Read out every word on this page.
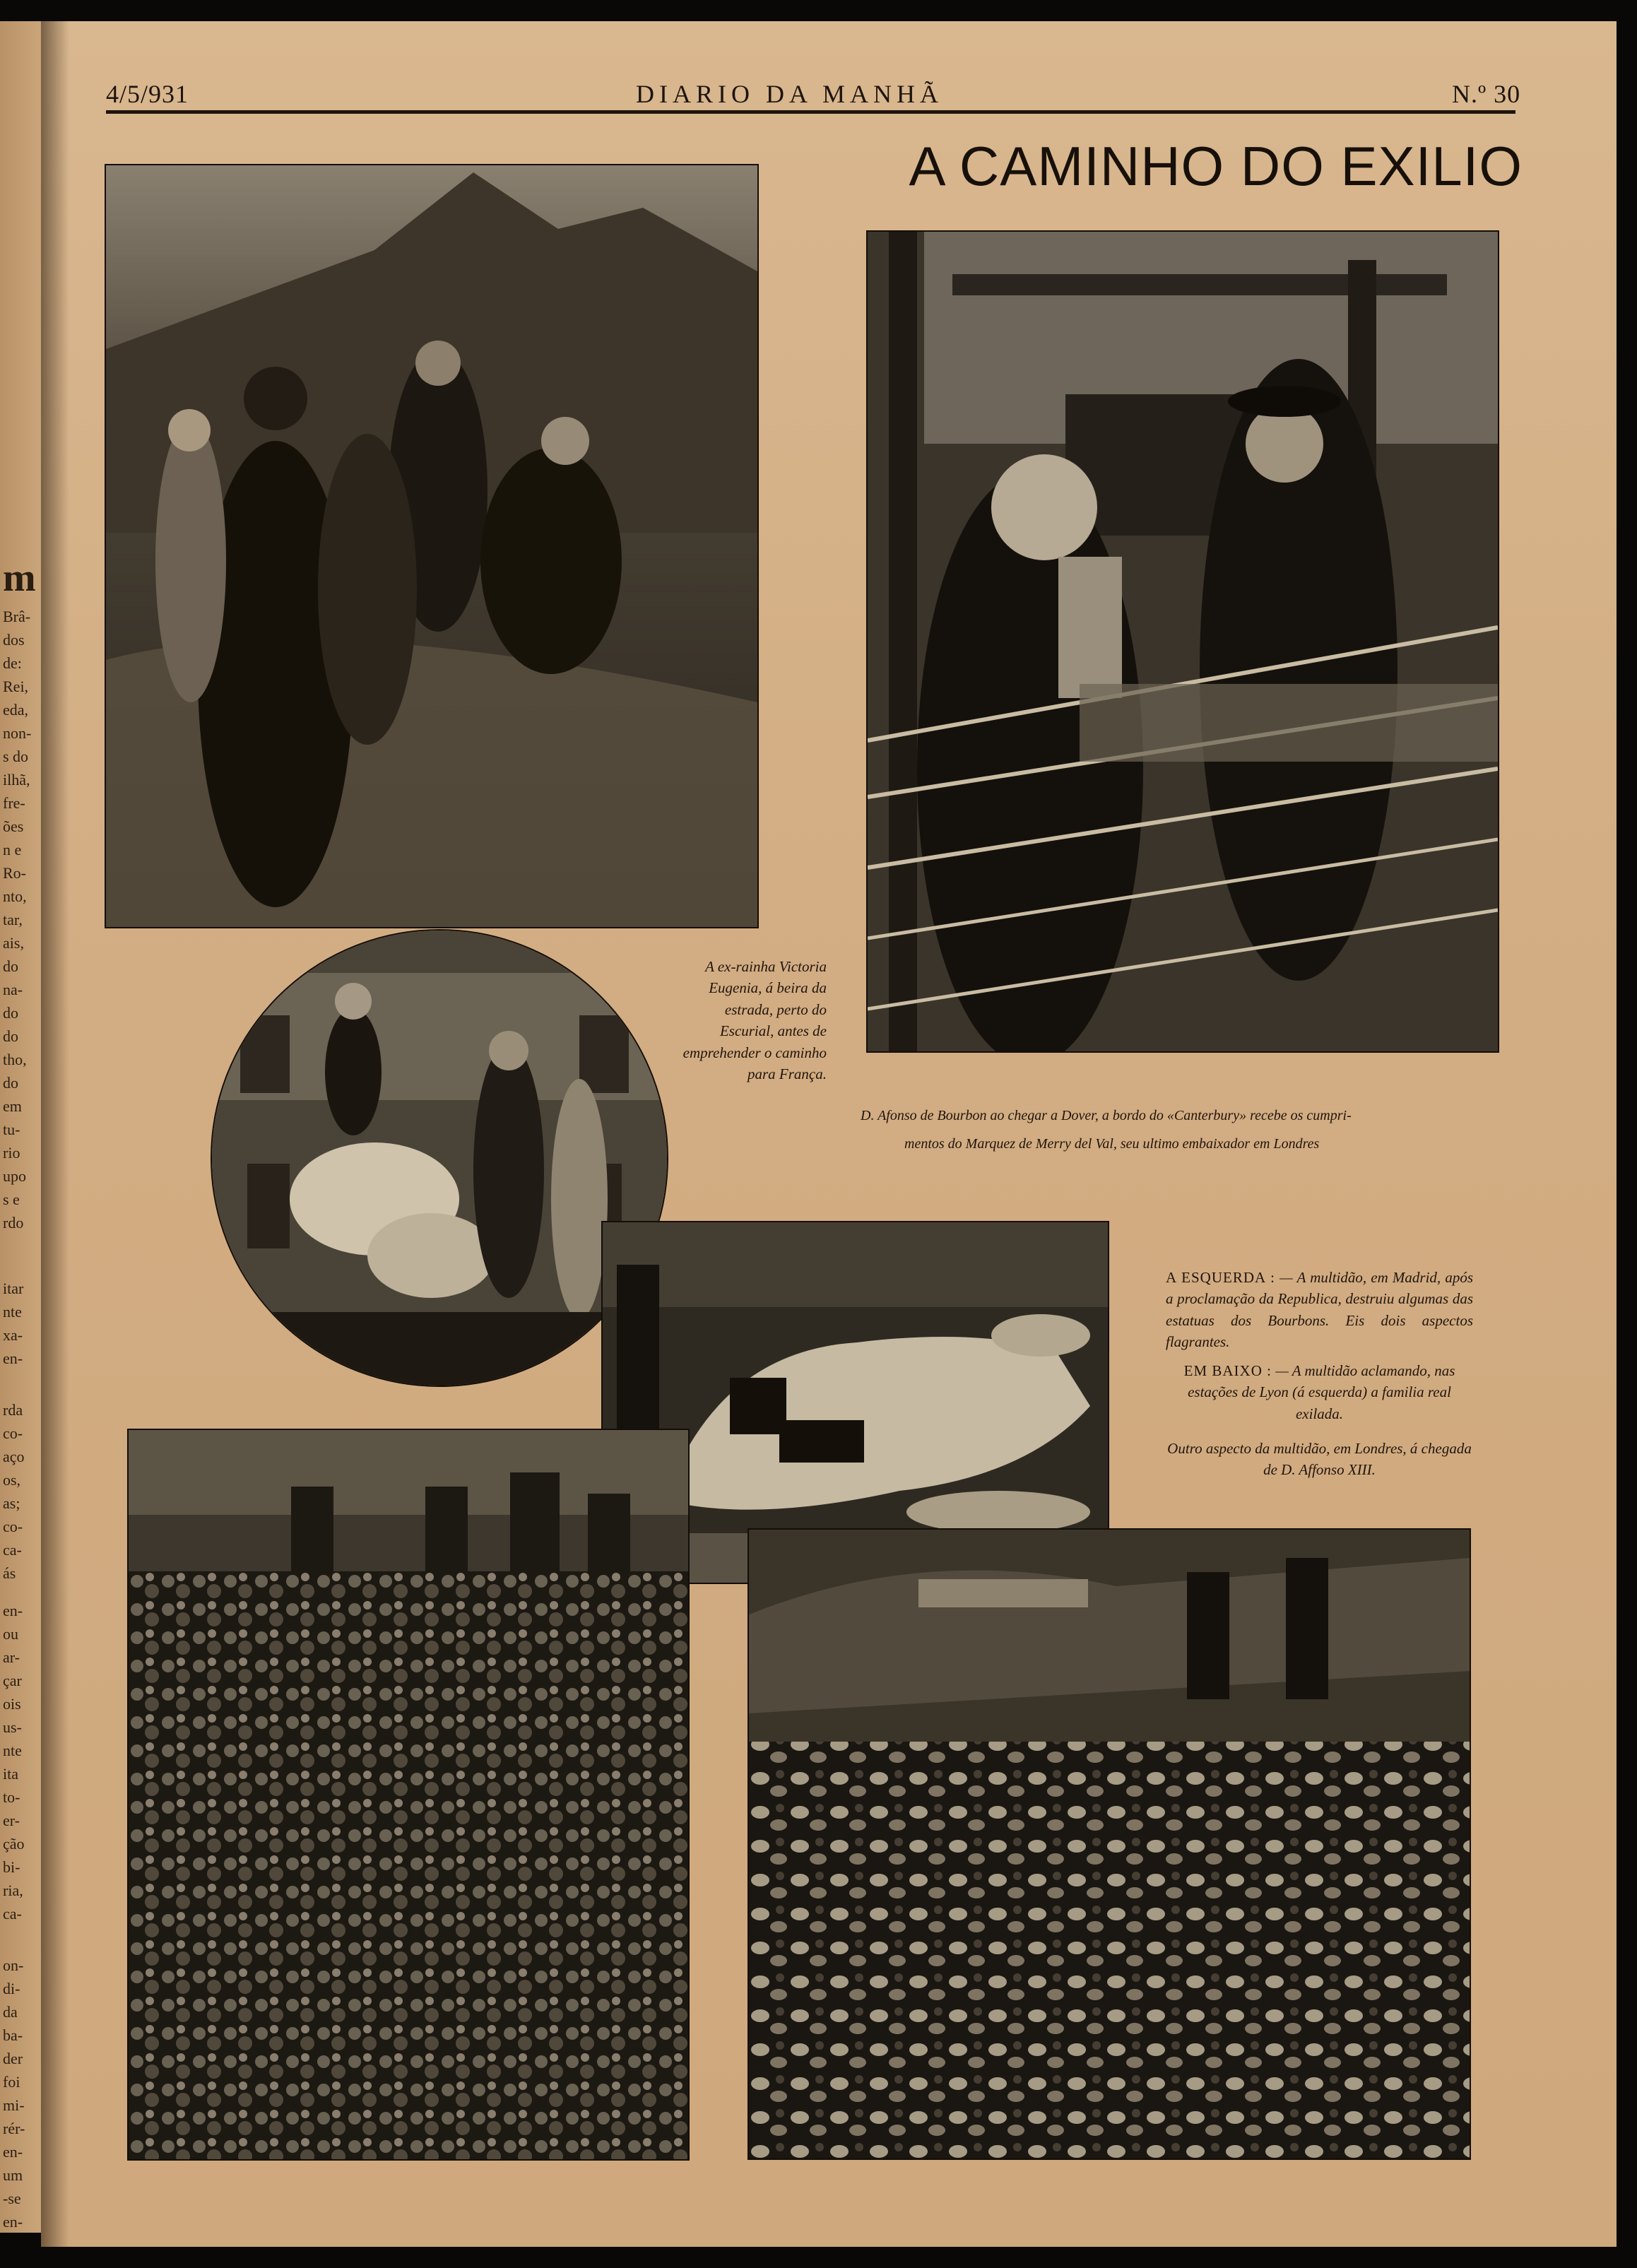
4/5/931	DIARIO DA MANHÃ	N.º 30
A CAMINHO DO EXILIO
A ex-rainha Victoria Eugenia, á beira da estrada, perto do Escurial, antes de emprehender o caminho para França.
D. Afonso de Bourbon ao chegar a Dover, a bordo do «Canterbury» recebe os cumpri-
mentos do Marquez de Merry del Val, seu ultimo embaixador em Londres
A ESQUERDA : — A multidão, em Madrid, após a proclamação da Republica, destruiu algumas das estatuas dos Bourbons. Eis dois aspectos flagrantes.
EM BAIXO : — A multidão aclamando, nas estações de Lyon (á esquerda) a familia real exilada.
Outro aspecto da multidão, em Londres, á chegada de D. Affonso XIII.
m
Brâ-
dos
de:
Rei,
eda,
non-
s do
ilhã,
fre-
ões
n e
Ro-
nto,
tar,
ais,
do
na-
do
do
tho,
do
em
tu-
rio
upo
s e
rdo
itar
nte
xa-
en-
rda
co-
aço
os,
as;
co-
ca-
ás
en-
ou
ar-
çar
ois
us-
nte
ita
to-
er-
ção
bi-
ria,
ca-
on-
di-
da
ba-
der
foi
mi-
rér-
en-
um
-se
en-
